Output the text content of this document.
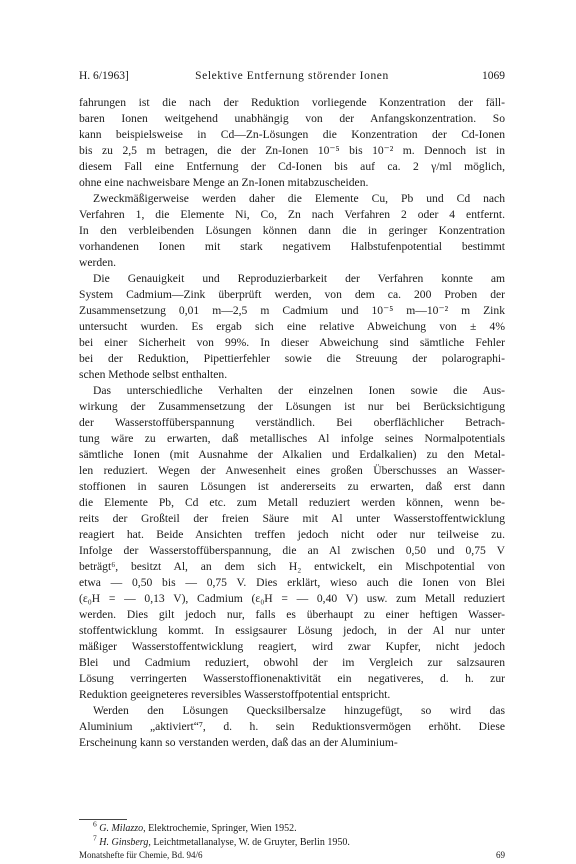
H. 6/1963]	Selektive Entfernung störender Ionen	1069
fahrungen ist die nach der Reduktion vorliegende Konzentration der fäll-
baren Ionen weitgehend unabhängig von der Anfangskonzentration. So
kann beispielsweise in Cd—Zn-Lösungen die Konzentration der Cd-Ionen
bis zu 2,5 m betragen, die der Zn-Ionen 10⁻⁵ bis 10⁻² m. Dennoch ist in
diesem Fall eine Entfernung der Cd-Ionen bis auf ca. 2 γ/ml möglich,
ohne eine nachweisbare Menge an Zn-Ionen mitabzuscheiden.
Zweckmäßigerweise werden daher die Elemente Cu, Pb und Cd nach
Verfahren 1, die Elemente Ni, Co, Zn nach Verfahren 2 oder 4 entfernt.
In den verbleibenden Lösungen können dann die in geringer Konzentration
vorhandenen Ionen mit stark negativem Halbstufenpotential bestimmt
werden.
Die Genauigkeit und Reproduzierbarkeit der Verfahren konnte am
System Cadmium—Zink überprüft werden, von dem ca. 200 Proben der
Zusammensetzung 0,01 m—2,5 m Cadmium und 10⁻⁵ m—10⁻² m Zink
untersucht wurden. Es ergab sich eine relative Abweichung von ± 4%
bei einer Sicherheit von 99%. In dieser Abweichung sind sämtliche Fehler
bei der Reduktion, Pipettierfehler sowie die Streuung der polarographi-
schen Methode selbst enthalten.
Das unterschiedliche Verhalten der einzelnen Ionen sowie die Aus-
wirkung der Zusammensetzung der Lösungen ist nur bei Berücksichtigung
der Wasserstoffüberspannung verständlich. Bei oberflächlicher Betrach-
tung wäre zu erwarten, daß metallisches Al infolge seines Normalpotentials
sämtliche Ionen (mit Ausnahme der Alkalien und Erdalkalien) zu den Metal-
len reduziert. Wegen der Anwesenheit eines großen Überschusses an Wasser-
stoffionen in sauren Lösungen ist andererseits zu erwarten, daß erst dann
die Elemente Pb, Cd etc. zum Metall reduziert werden können, wenn be-
reits der Großteil der freien Säure mit Al unter Wasserstoffentwicklung
reagiert hat. Beide Ansichten treffen jedoch nicht oder nur teilweise zu.
Infolge der Wasserstoffüberspannung, die an Al zwischen 0,50 und 0,75 V
beträgt⁶, besitzt Al, an dem sich H₂ entwickelt, ein Mischpotential von
etwa — 0,50 bis — 0,75 V. Dies erklärt, wieso auch die Ionen von Blei
(ε₀H = — 0,13 V), Cadmium (ε₀H = — 0,40 V) usw. zum Metall reduziert
werden. Dies gilt jedoch nur, falls es überhaupt zu einer heftigen Wasser-
stoffentwicklung kommt. In essigsaurer Lösung jedoch, in der Al nur unter
mäßiger Wasserstoffentwicklung reagiert, wird zwar Kupfer, nicht jedoch
Blei und Cadmium reduziert, obwohl der im Vergleich zur salzsauren
Lösung verringerten Wasserstoffionenaktivität ein negativeres, d. h. zur
Reduktion geeigneteres reversibles Wasserstoffpotential entspricht.
Werden den Lösungen Quecksilbersalze hinzugefügt, so wird das
Aluminium „aktiviert“⁷, d. h. sein Reduktionsvermögen erhöht. Diese
Erscheinung kann so verstanden werden, daß das an der Aluminium-
$^6$ G. Milazzo, Elektrochemie, Springer, Wien 1952.
$^7$ H. Ginsberg, Leichtmetallanalyse, W. de Gruyter, Berlin 1950.
Monatshefte für Chemie, Bd. 94/6	69
